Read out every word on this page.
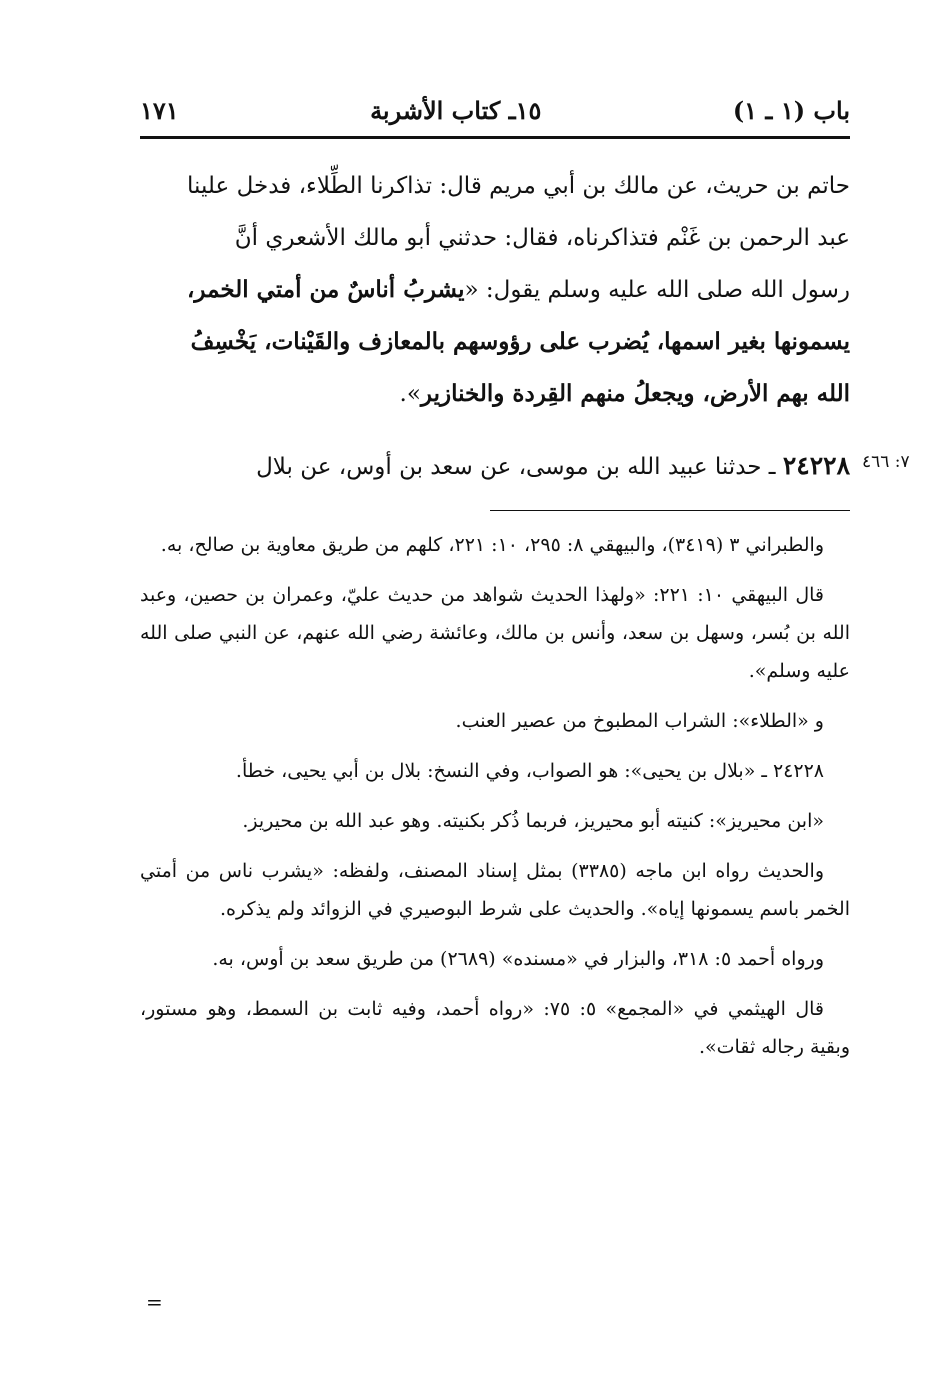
باب (١ ـ ١)
١٥ـ كتاب الأشربة
١٧١
حاتم بن حريث، عن مالك بن أبي مريم قال: تذاكرنا الطِّلاء، فدخل علينا
عبد الرحمن بن غَنْم فتذاكرناه، فقال: حدثني أبو مالك الأشعري أنَّ
رسول الله صلى الله عليه وسلم يقول: «يشربُ أناسٌ من أمتي الخمر،
يسمونها بغير اسمها، يُضرب على رؤوسهم بالمعازف والقَيْنات، يَخْسِفُ
الله بهم الأرض، ويجعلُ منهم القِردة والخنازير».
٢٤٢٢٨ ـ حدثنا عبيد الله بن موسى، عن سعد بن أوس، عن بلال	٧: ٤٦٦

والطبراني ٣ (٣٤١٩)، والبيهقي ٨: ٢٩٥، ١٠: ٢٢١، كلهم من طريق معاوية بن صالح، به.

قال البيهقي ١٠: ٢٢١: «ولهذا الحديث شواهد من حديث عليّ، وعمران بن حصين، وعبد الله بن بُسر، وسهل بن سعد، وأنس بن مالك، وعائشة رضي الله عنهم، عن النبي صلى الله عليه وسلم».

و «الطلاء»: الشراب المطبوخ من عصير العنب.

٢٤٢٢٨ ـ «بلال بن يحيى»: هو الصواب، وفي النسخ: بلال بن أبي يحيى، خطأ.

«ابن محيريز»: كنيته أبو محيريز، فربما ذُكر بكنيته. وهو عبد الله بن محيريز.

والحديث رواه ابن ماجه (٣٣٨٥) بمثل إسناد المصنف، ولفظه: «يشرب ناس من أمتي الخمر باسم يسمونها إياه». والحديث على شرط البوصيري في الزوائد ولم يذكره.

ورواه أحمد ٥: ٣١٨، والبزار في «مسنده» (٢٦٨٩) من طريق سعد بن أوس، به.

قال الهيثمي في «المجمع» ٥: ٧٥: «رواه أحمد، وفيه ثابت بن السمط، وهو مستور، وبقية رجاله ثقات».

=
